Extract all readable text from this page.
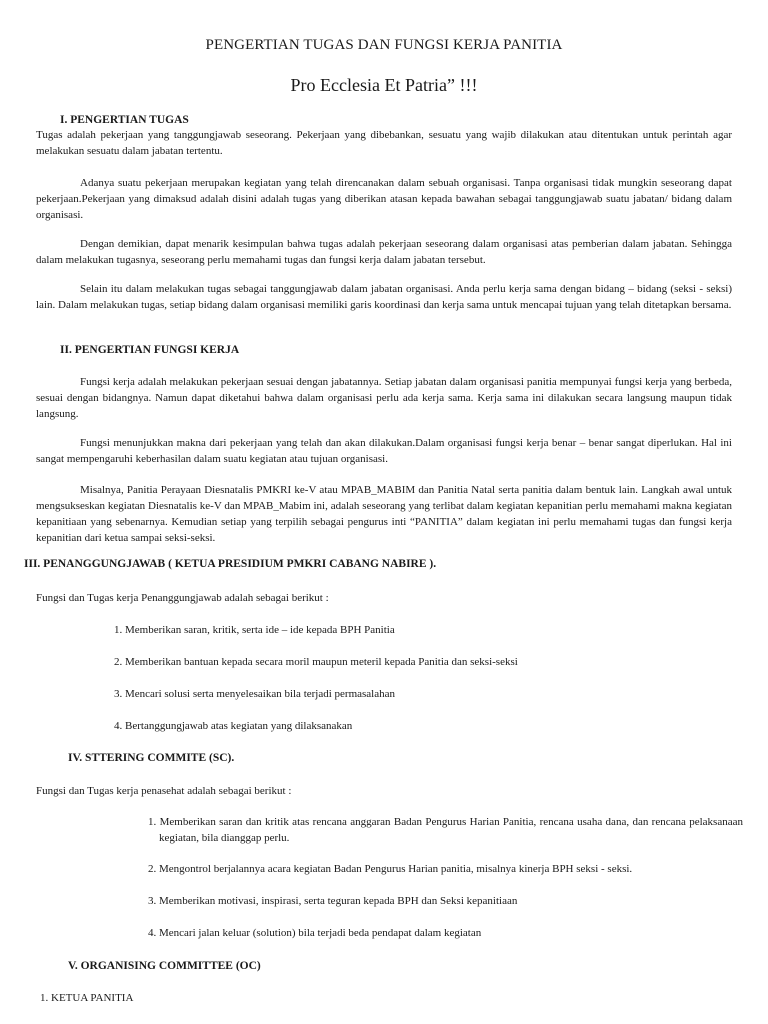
PENGERTIAN TUGAS DAN FUNGSI KERJA PANITIA
Pro Ecclesia Et Patria” !!!
I. PENGERTIAN TUGAS
Tugas adalah pekerjaan yang tanggungjawab seseorang. Pekerjaan yang dibebankan, sesuatu yang wajib dilakukan atau ditentukan untuk perintah agar melakukan sesuatu dalam jabatan tertentu.
Adanya suatu pekerjaan merupakan kegiatan yang telah direncanakan dalam sebuah organisasi. Tanpa organisasi tidak mungkin seseorang dapat pekerjaan.Pekerjaan yang dimaksud adalah disini adalah tugas yang diberikan atasan kepada bawahan sebagai tanggungjawab suatu jabatan/ bidang dalam organisasi.
Dengan demikian, dapat menarik kesimpulan bahwa tugas adalah pekerjaan seseorang dalam organisasi atas pemberian dalam jabatan. Sehingga dalam melakukan tugasnya, seseorang perlu memahami tugas dan fungsi kerja dalam jabatan tersebut.
Selain itu dalam melakukan tugas sebagai tanggungjawab dalam jabatan organisasi. Anda perlu kerja sama dengan bidang – bidang (seksi - seksi) lain. Dalam melakukan tugas, setiap bidang dalam organisasi memiliki garis koordinasi dan kerja sama untuk mencapai tujuan yang telah ditetapkan bersama.
II. PENGERTIAN FUNGSI KERJA
Fungsi kerja adalah melakukan pekerjaan sesuai dengan jabatannya. Setiap jabatan dalam organisasi panitia mempunyai fungsi kerja yang berbeda, sesuai dengan bidangnya. Namun dapat diketahui bahwa dalam organisasi perlu ada kerja sama. Kerja sama ini dilakukan secara langsung maupun tidak langsung.
Fungsi menunjukkan makna dari pekerjaan yang telah dan akan dilakukan.Dalam organisasi fungsi kerja benar – benar sangat diperlukan. Hal ini sangat mempengaruhi keberhasilan dalam suatu kegiatan atau tujuan organisasi.
Misalnya, Panitia Perayaan Diesnatalis PMKRI ke-V atau MPAB_MABIM dan Panitia Natal serta panitia dalam bentuk lain. Langkah awal untuk mengsukseskan kegiatan Diesnatalis ke-V dan MPAB_Mabim ini, adalah seseorang yang terlibat dalam kegiatan kepanitian perlu memahami makna kegiatan kepanitiaan yang sebenarnya. Kemudian setiap yang terpilih sebagai pengurus inti “PANITIA” dalam kegiatan ini perlu memahami tugas dan fungsi kerja kepanitian dari ketua sampai seksi-seksi.
III. PENANGGUNGJAWAB ( KETUA PRESIDIUM PMKRI CABANG NABIRE ).
Fungsi dan Tugas kerja Penanggungjawab adalah sebagai berikut :
1. Memberikan saran, kritik, serta ide – ide kepada BPH Panitia
2. Memberikan bantuan kepada secara moril maupun meteril kepada Panitia dan seksi-seksi
3. Mencari solusi serta menyelesaikan bila terjadi permasalahan
4. Bertanggungjawab atas kegiatan yang dilaksanakan
IV. STTERING COMMITE (SC).
Fungsi dan Tugas kerja penasehat adalah sebagai berikut :
1. Memberikan saran dan kritik atas rencana anggaran Badan Pengurus Harian Panitia, rencana usaha dana, dan rencana pelaksanaan kegiatan, bila dianggap perlu.
2. Mengontrol berjalannya acara kegiatan Badan Pengurus Harian panitia, misalnya kinerja BPH seksi - seksi.
3. Memberikan motivasi, inspirasi, serta teguran kepada BPH dan Seksi kepanitiaan
4. Mencari jalan keluar (solution) bila terjadi beda pendapat dalam kegiatan
V. ORGANISING COMMITTEE (OC)
1. KETUA PANITIA
